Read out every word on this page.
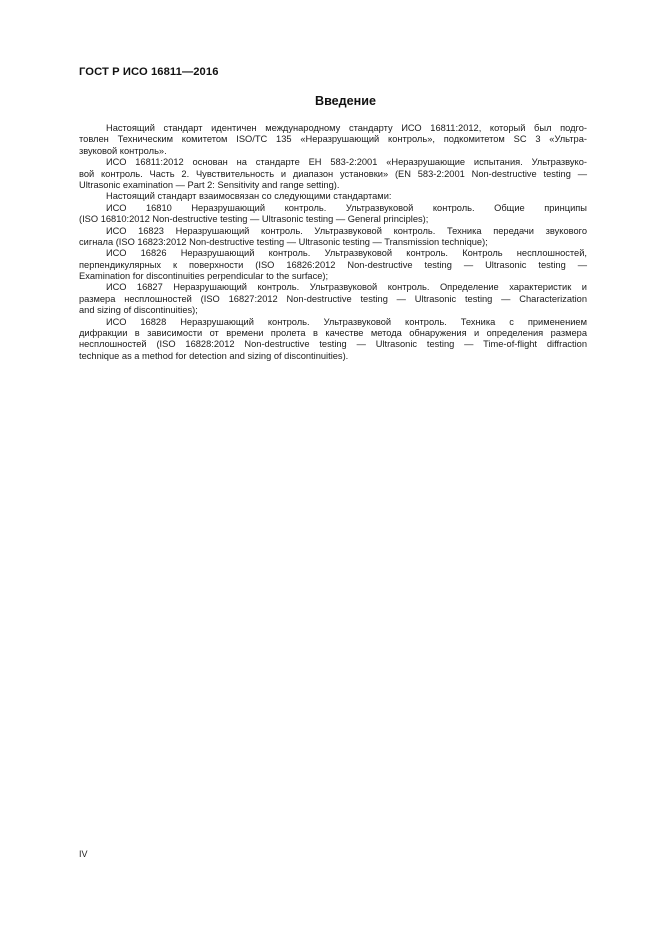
ГОСТ Р ИСО 16811—2016
Введение
Настоящий стандарт идентичен международному стандарту ИСО 16811:2012, который был подго-
товлен Техническим комитетом ISO/TC 135 «Неразрушающий контроль», подкомитетом SC 3 «Ультра-
звуковой контроль».
ИСО 16811:2012 основан на стандарте ЕН 583-2:2001 «Неразрушающие испытания. Ультразвуко-
вой контроль. Часть 2. Чувствительность и диапазон установки» (EN 583-2:2001 Non-destructive testing —
Ultrasonic examination — Part 2: Sensitivity and range setting).
Настоящий стандарт взаимосвязан со следующими стандартами:
ИСО 16810 Неразрушающий контроль. Ультразвуковой контроль. Общие принципы
(ISO 16810:2012 Non-destructive testing — Ultrasonic testing — General principles);
ИСО 16823 Неразрушающий контроль. Ультразвуковой контроль. Техника передачи звукового
сигнала (ISO 16823:2012 Non-destructive testing — Ultrasonic testing — Transmission technique);
ИСО 16826 Неразрушающий контроль. Ультразвуковой контроль. Контроль несплошностей,
перпендикулярных к поверхности (ISO 16826:2012 Non-destructive testing — Ultrasonic testing —
Examination for discontinuities perpendicular to the surface);
ИСО 16827 Неразрушающий контроль. Ультразвуковой контроль. Определение характеристик и
размера несплошностей (ISO 16827:2012 Non-destructive testing — Ultrasonic testing — Characterization
and sizing of discontinuities);
ИСО 16828 Неразрушающий контроль. Ультразвуковой контроль. Техника с применением
дифракции в зависимости от времени пролета в качестве метода обнаружения и определения размера
несплошностей (ISO 16828:2012 Non-destructive testing — Ultrasonic testing — Time-of-flight diffraction
technique as a method for detection and sizing of discontinuities).
IV
